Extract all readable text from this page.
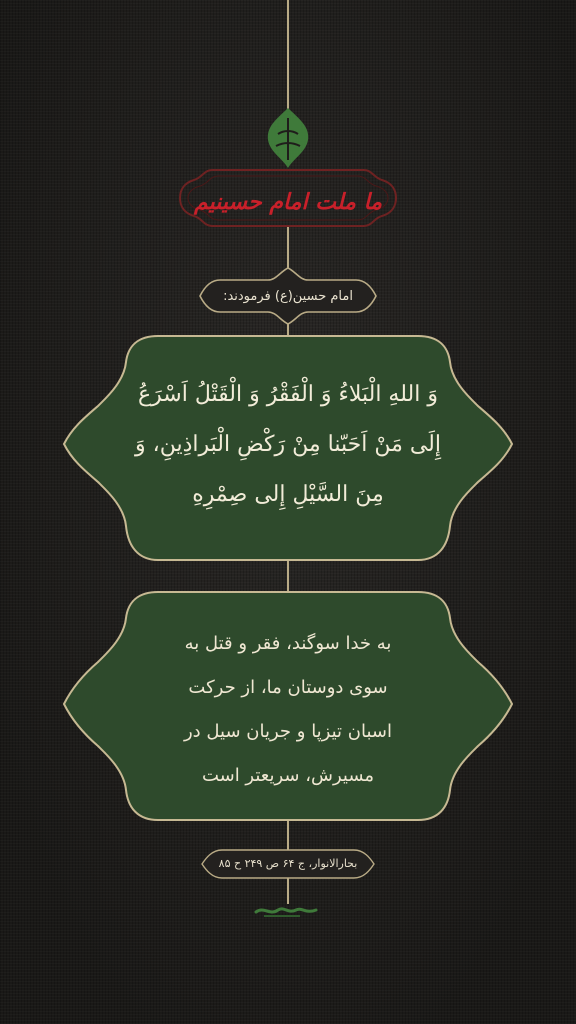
ما ملت امام حسینیم
امام حسین(ع) فرمودند:
وَ اللهِ الْبَلاءُ وَ الْفَقْرُ وَ الْقَتْلُ اَسْرَعُ
إِلَى مَنْ اَحَبّنا مِنْ رَكْضِ الْبَراذِينِ، وَ
مِنَ السَّيْلِ إِلى صِمْرِهِ
به خدا سوگند، فقر و قتل به
سوی دوستان ما، از حرکت
اسبان تیزپا و جریان سیل در
مسیرش، سریعتر است
بحارالانوار، ج ۶۴ ص ۲۴۹ ح ۸۵
